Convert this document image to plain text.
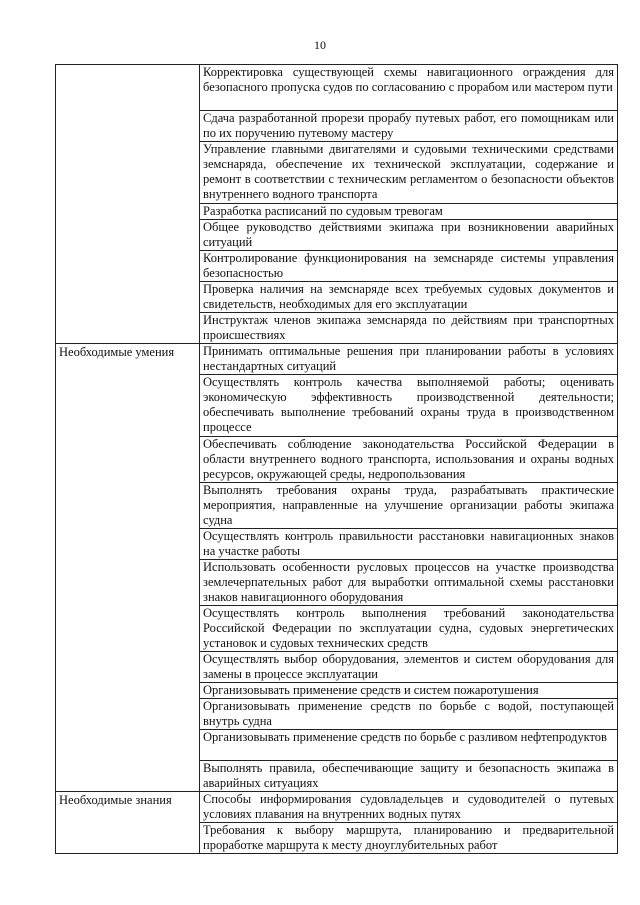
10
	Корректировка существующей схемы навигационного ограждения для безопасного пропуска судов по согласованию с прорабом или мастером пути
	Сдача разработанной прорези прорабу путевых работ, его помощникам или по их поручению путевому мастеру
	Управление главными двигателями и судовыми техническими средствами земснаряда, обеспечение их технической эксплуатации, содержание и ремонт в соответствии с техническим регламентом о безопасности объектов внутреннего водного транспорта
	Разработка расписаний по судовым тревогам
	Общее руководство действиями экипажа при возникновении аварийных ситуаций
	Контролирование функционирования на земснаряде системы управления безопасностью
	Проверка наличия на земснаряде всех требуемых судовых документов и свидетельств, необходимых для его эксплуатации
	Инструктаж членов экипажа земснаряда по действиям при транспортных происшествиях

Необходимые умения	Принимать оптимальные решения при планировании работы в условиях нестандартных ситуаций
	Осуществлять контроль качества выполняемой работы; оценивать экономическую эффективность производственной деятельности; обеспечивать выполнение требований охраны труда в производственном процессе
	Обеспечивать соблюдение законодательства Российской Федерации в области внутреннего водного транспорта, использования и охраны водных ресурсов, окружающей среды, недропользования
	Выполнять требования охраны труда, разрабатывать практические мероприятия, направленные на улучшение организации работы экипажа судна
	Осуществлять контроль правильности расстановки навигационных знаков на участке работы
	Использовать особенности русловых процессов на участке производства землечерпательных работ для выработки оптимальной схемы расстановки знаков навигационного оборудования
	Осуществлять контроль выполнения требований законодательства Российской Федерации по эксплуатации судна, судовых энергетических установок и судовых технических средств
	Осуществлять выбор оборудования, элементов и систем оборудования для замены в процессе эксплуатации
	Организовывать применение средств и систем пожаротушения
	Организовывать применение средств по борьбе с водой, поступающей внутрь судна
	Организовывать применение средств по борьбе с разливом нефтепродуктов
	Выполнять правила, обеспечивающие защиту и безопасность экипажа в аварийных ситуациях

Необходимые знания	Способы информирования судовладельцев и судоводителей о путевых условиях плавания на внутренних водных путях
	Требования к выбору маршрута, планированию и предварительной проработке маршрута к месту дноуглубительных работ
